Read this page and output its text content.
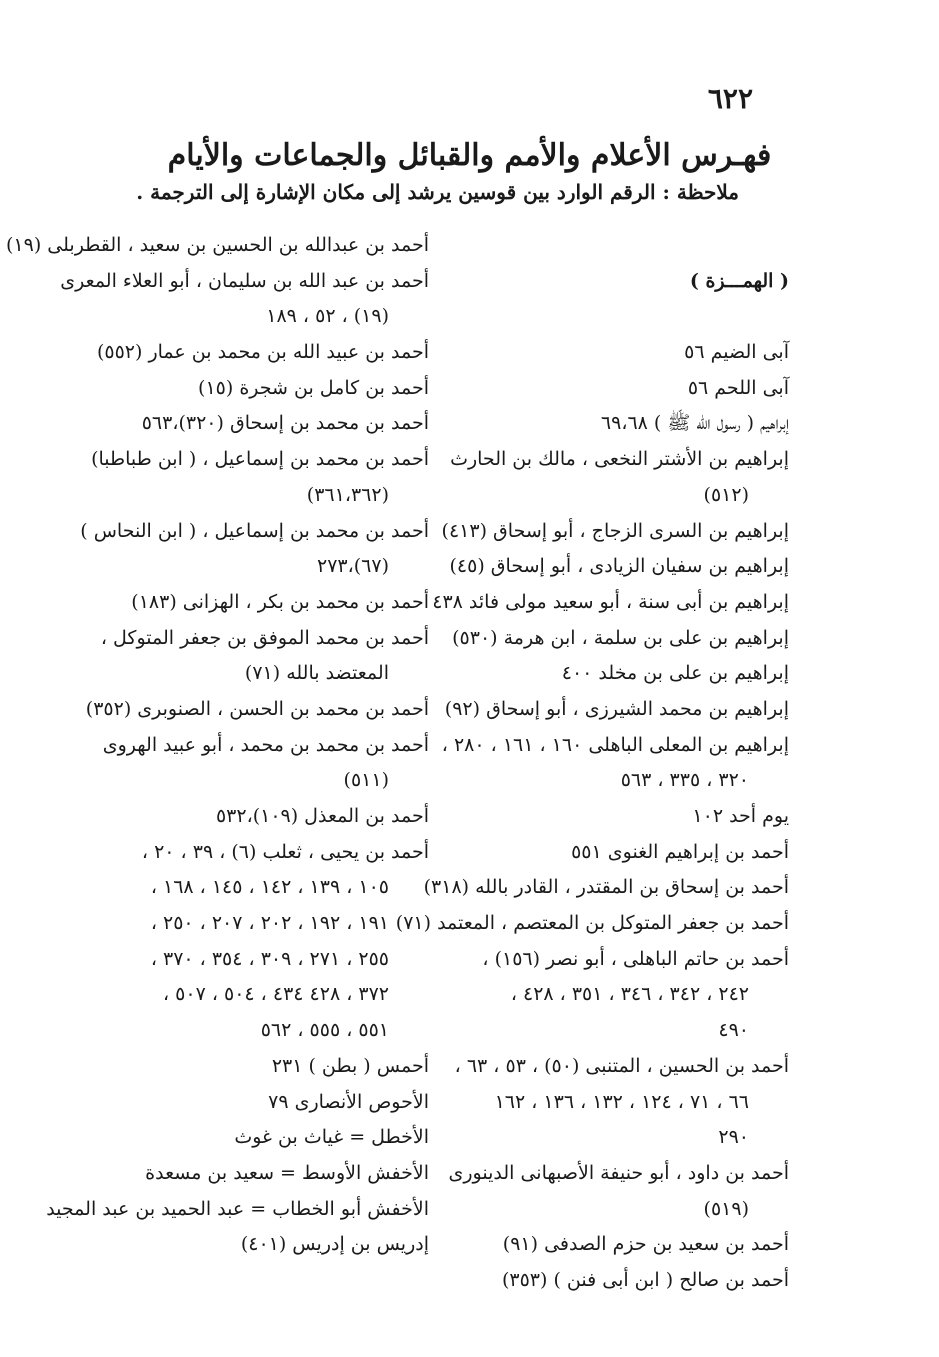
٦٢٢
فهـرس الأعلام والأمم والقبائل والجماعات والأيام
ملاحظة : الرقم الوارد بين قوسين يرشد إلى مكان الإشارة إلى الترجمة .
( الهمـــزة )
آبى الضيم ٥٦
آبى اللحم ٥٦
إبراهيم ( رسول الله ﷺ ) ٦٩،٦٨
إبراهيم بن الأشتر النخعى ، مالك بن الحارث
(٥١٢)
إبراهيم بن السرى الزجاج ، أبو إسحاق (٤١٣)
إبراهيم بن سفيان الزيادى ، أبو إسحاق (٤٥)
إبراهيم بن أبى سنة ، أبو سعيد مولى فائد ٤٣٨
إبراهيم بن على بن سلمة ، ابن هرمة (٥٣٠)
إبراهيم بن على بن مخلد ٤٠٠
إبراهيم بن محمد الشيرزى ، أبو إسحاق (٩٢)
إبراهيم بن المعلى الباهلى ١٦٠ ، ١٦١ ، ٢٨٠ ،
٣٢٠ ، ٣٣٥ ، ٥٦٣
يوم أحد ١٠٢
أحمد بن إبراهيم الغنوى ٥٥١
أحمد بن إسحاق بن المقتدر ، القادر بالله (٣١٨)
أحمد بن جعفر المتوكل بن المعتصم ، المعتمد (٧١)
أحمد بن حاتم الباهلى ، أبو نصر (١٥٦) ،
٢٤٢ ، ٣٤٢ ، ٣٤٦ ، ٣٥١ ، ٤٢٨ ،
٤٩٠
أحمد بن الحسين ، المتنبى (٥٠) ، ٥٣ ، ٦٣ ،
٦٦ ، ٧١ ، ١٢٤ ، ١٣٢ ، ١٣٦ ، ١٦٢
٢٩٠
أحمد بن داود ، أبو حنيفة الأصبهانى الدينورى
(٥١٩)
أحمد بن سعيد بن حزم الصدفى (٩١)
أحمد بن صالح ( ابن أبى فنن ) (٣٥٣)
أحمد بن عبدالله بن الحسين بن سعيد ، القطربلى (١٩)
أحمد بن عبد الله بن سليمان ، أبو العلاء المعرى
(١٩) ، ٥٢ ، ١٨٩
أحمد بن عبيد الله بن محمد بن عمار (٥٥٢)
أحمد بن كامل بن شجرة (١٥)
أحمد بن محمد بن إسحاق (٣٢٠)،٥٦٣
أحمد بن محمد بن إسماعيل ، ( ابن طباطبا)
(٣٦١،٣٦٢)
أحمد بن محمد بن إسماعيل ، ( ابن النحاس )
(٦٧)،٢٧٣
أحمد بن محمد بن بكر ، الهزانى (١٨٣)
أحمد بن محمد الموفق بن جعفر المتوكل ،
المعتضد بالله (٧١)
أحمد بن محمد بن الحسن ، الصنوبرى (٣٥٢)
أحمد بن محمد بن محمد ، أبو عبيد الهروى
(٥١١)
أحمد بن المعذل (١٠٩)،٥٣٢
أحمد بن يحيى ، ثعلب (٦) ، ٣٩ ، ٢٠ ،
١٠٥ ، ١٣٩ ، ١٤٢ ، ١٤٥ ، ١٦٨ ،
١٩١ ، ١٩٢ ، ٢٠٢ ، ٢٠٧ ، ٢٥٠ ،
٢٥٥ ، ٢٧١ ، ٣٠٩ ، ٣٥٤ ، ٣٧٠ ،
٣٧٢ ، ٤٢٨ ٤٣٤ ، ٥٠٤ ، ٥٠٧ ،
٥٥١ ، ٥٥٥ ، ٥٦٢
أحمس ( بطن ) ٢٣١
الأحوص الأنصارى ٧٩
الأخطل = غياث بن غوث
الأخفش الأوسط = سعيد بن مسعدة
الأخفش أبو الخطاب = عبد الحميد بن عبد المجيد
إدريس بن إدريس (٤٠١)
